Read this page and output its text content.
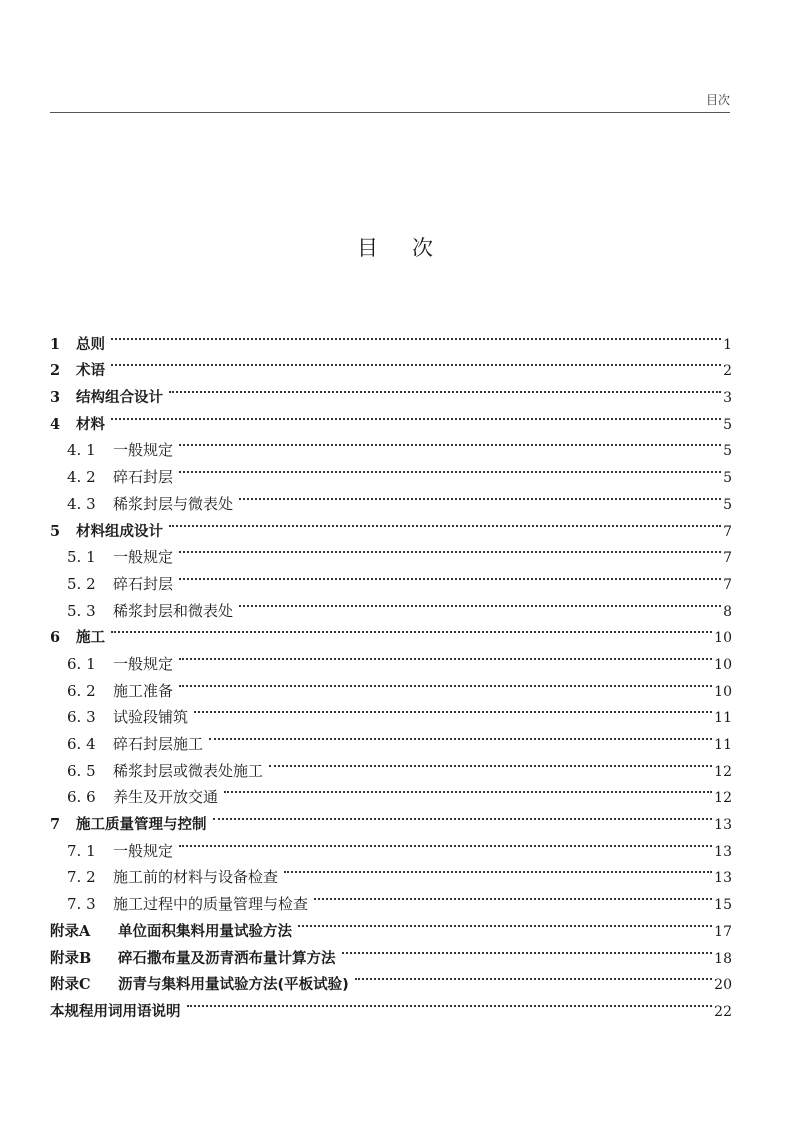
目次
目次
1	总则	1
2	术语	2
3	结构组合设计	3
4	材料	5
4. 1	一般规定	5
4. 2	碎石封层	5
4. 3	稀浆封层与微表处	5
5	材料组成设计	7
5. 1	一般规定	7
5. 2	碎石封层	7
5. 3	稀浆封层和微表处	8
6	施工	10
6. 1	一般规定	10
6. 2	施工准备	10
6. 3	试验段铺筑	11
6. 4	碎石封层施工	11
6. 5	稀浆封层或微表处施工	12
6. 6	养生及开放交通	12
7	施工质量管理与控制	13
7. 1	一般规定	13
7. 2	施工前的材料与设备检查	13
7. 3	施工过程中的质量管理与检查	15
附录A	单位面积集料用量试验方法	17
附录B	碎石撒布量及沥青洒布量计算方法	18
附录C	沥青与集料用量试验方法(平板试验)	20
本规程用词用语说明	22
